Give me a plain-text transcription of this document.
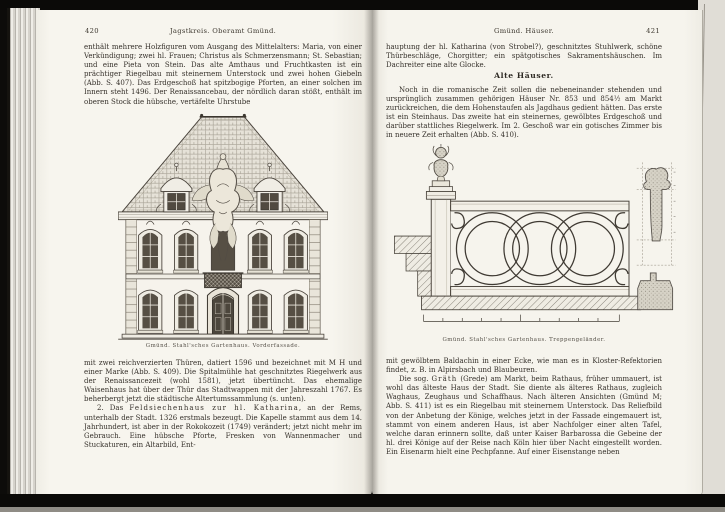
420	Jagstkreis. Oberamt Gmünd.

enthält mehrere Holzfiguren vom Ausgang des Mittelalters: Maria, von einer Verkündigung; zwei hl. Frauen; Christus als Schmerzensmann; St. Sebastian; und eine Pieta von Stein. Das alte Amthaus und Fruchtkasten ist ein prächtiger Riegelbau mit steinernem Unterstock und zwei hohen Giebeln (Abb. S. 407). Das Erdgeschoß hat spitzbogige Pforten, an einer solchen im Innern steht 1496. Der Renaissancebau, der nördlich daran stößt, enthält im oberen Stock die hübsche, vertäfelte Uhrstube

Gmünd. Stahl'sches Gartenhaus. Vorderfassade.

mit zwei reichverzierten Thüren, datiert 1596 und bezeichnet mit M H und einer Marke (Abb. S. 409). Die Spitalmühle hat geschnitztes Riegelwerk aus der Renaissancezeit (wohl 1581), jetzt übertüncht. Das ehemalige Waisenhaus hat über der Thür das Stadtwappen mit der Jahreszahl 1767. Es beherbergt jetzt die städtische Altertumssammlung (s. unten).

2. Das Feldsiechenhaus zur hl. Katharina, an der Rems, unterhalb der Stadt. 1326 erstmals bezeugt. Die Kapelle stammt aus dem 14. Jahrhundert, ist aber in der Rokokozeit (1749) verändert; jetzt nicht mehr im Gebrauch. Eine hübsche Pforte, Fresken von Wannenmacher und Stuckaturen, ein Altarbild, Ent-

Gmünd. Häuser.	421

hauptung der hl. Katharina (von Strobel?), geschnitztes Stuhlwerk, schöne Thürbeschläge, Chorgitter; ein spätgotisches Sakramentshäuschen. Im Dachreiter eine alte Glocke.

Alte Häuser.

Noch in die romanische Zeit sollen die nebeneinander stehenden und ursprünglich zusammen gehörigen Häuser Nr. 853 und 854½ am Markt zurückreichen, die dem Hohenstaufen als Jagdhaus gedient hätten. Das erste ist ein Steinhaus. Das zweite hat ein steinernes, gewölbtes Erdgeschoß und darüber stattliches Riegelwerk. Im 2. Geschoß war ein gotisches Zimmer bis in neuere Zeit erhalten (Abb. S. 410).

Gmünd. Stahl'sches Gartenhaus. Treppengeländer.

mit gewölbtem Baldachin in einer Ecke, wie man es in Kloster-Refektorien findet, z. B. in Alpirsbach und Blaubeuren.

Die sog. Gräth (Grede) am Markt, beim Rathaus, früher ummauert, ist wohl das älteste Haus der Stadt. Sie diente als älteres Rathaus, zugleich Waghaus, Zeughaus und Schaffhaus. Nach älteren Ansichten (Gmünd M; Abb. S. 411) ist es ein Riegelbau mit steinernem Unterstock. Das Reliefbild von der Anbetung der Könige, welches jetzt in der Fassade eingemauert ist, stammt von einem anderen Haus, ist aber Nachfolger einer alten Tafel, welche daran erinnern sollte, daß unter Kaiser Barbarossa die Gebeine der hl. drei Könige auf der Reise nach Köln hier über Nacht eingestellt worden. Ein Eisenarm hielt eine Pechpfanne. Auf einer Eisenstange neben
